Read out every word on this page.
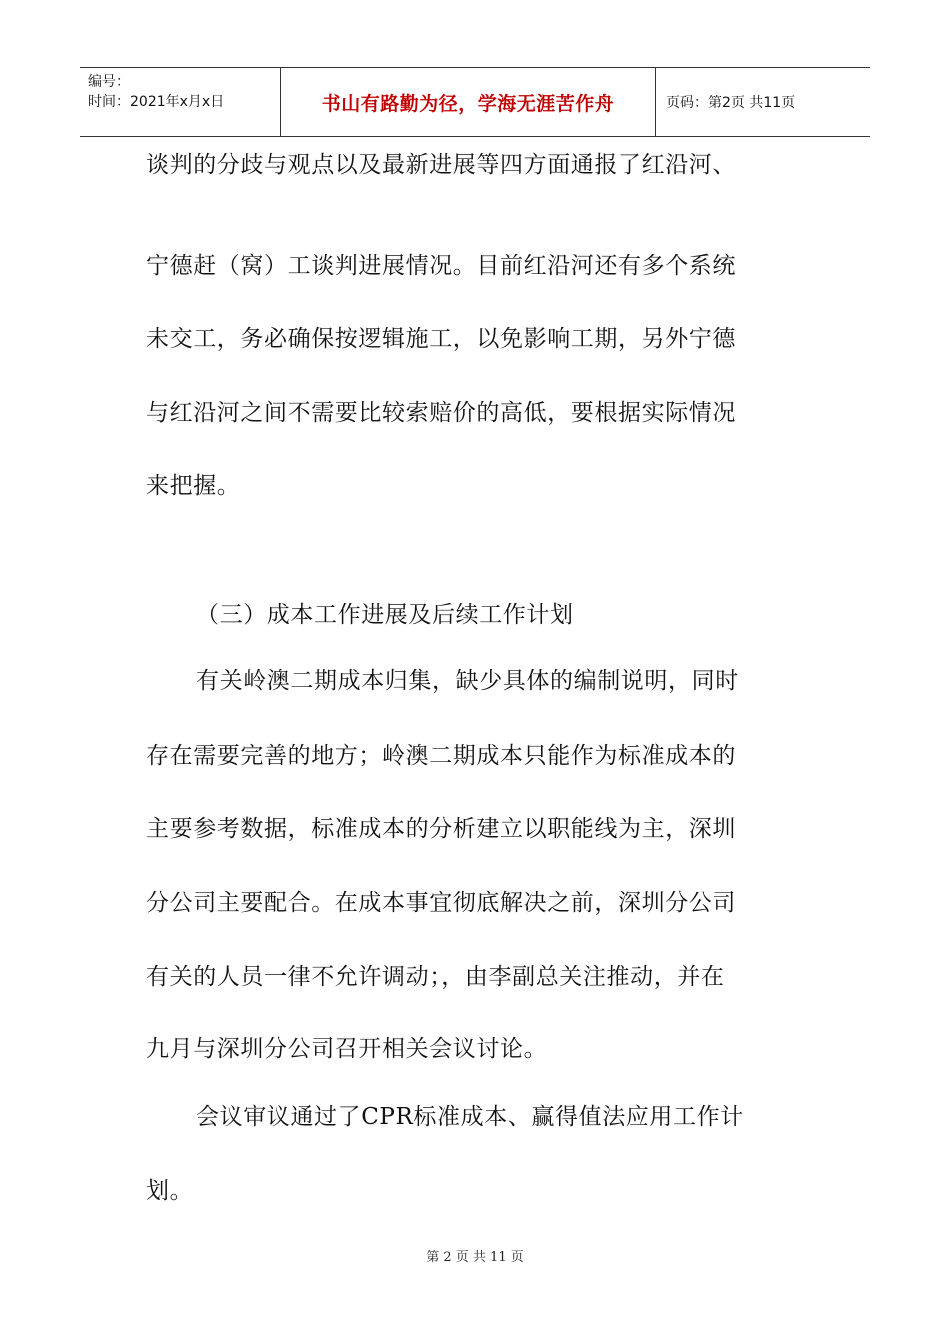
编号：
时间：2021年x月x日	书山有路勤为径，学海无涯苦作舟	页码：第2页 共11页
谈判的分歧与观点以及最新进展等四方面通报了红沿河、
宁德赶（窝）工谈判进展情况。目前红沿河还有多个系统
未交工，务必确保按逻辑施工，以免影响工期，另外宁德
与红沿河之间不需要比较索赔价的高低，要根据实际情况
来把握。
（三）成本工作进展及后续工作计划
有关岭澳二期成本归集，缺少具体的编制说明，同时
存在需要完善的地方；岭澳二期成本只能作为标准成本的
主要参考数据，标准成本的分析建立以职能线为主，深圳
分公司主要配合。在成本事宜彻底解决之前，深圳分公司
有关的人员一律不允许调动；，由李副总关注推动，并在
九月与深圳分公司召开相关会议讨论。
会议审议通过了CPR标准成本、赢得值法应用工作计
划。
第 2 页 共 11 页
